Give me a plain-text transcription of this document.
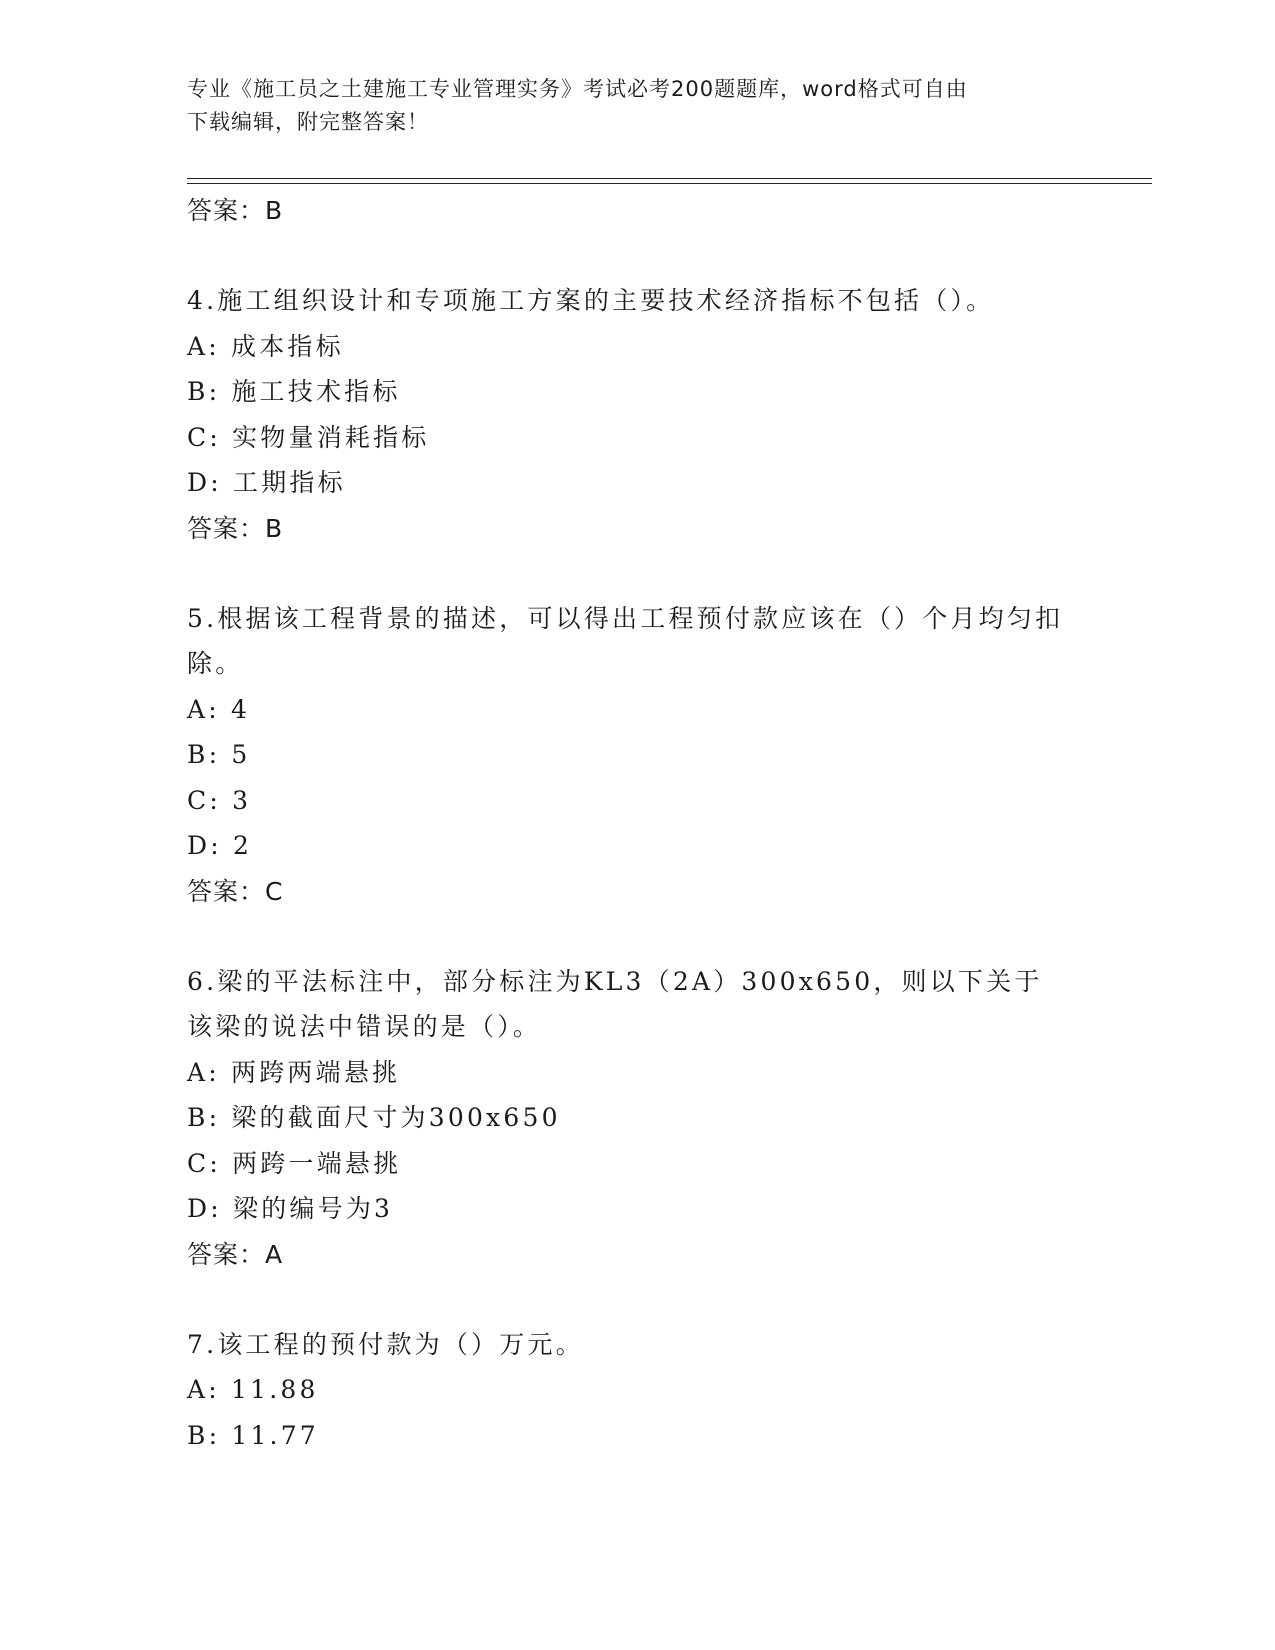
专业《施工员之土建施工专业管理实务》考试必考200题题库，word格式可自由
下载编辑，附完整答案！
答案：B
4.施工组织设计和专项施工方案的主要技术经济指标不包括（）。
A: 成本指标
B: 施工技术指标
C: 实物量消耗指标
D: 工期指标
答案：B
5.根据该工程背景的描述，可以得出工程预付款应该在（）个月均匀扣除。
A: 4
B: 5
C: 3
D: 2
答案：C
6.梁的平法标注中，部分标注为KL3（2A）300x650，则以下关于该梁的说法中错误的是（）。
A: 两跨两端悬挑
B: 梁的截面尺寸为300x650
C: 两跨一端悬挑
D: 梁的编号为3
答案：A
7.该工程的预付款为（）万元。
A: 11.88
B: 11.77
